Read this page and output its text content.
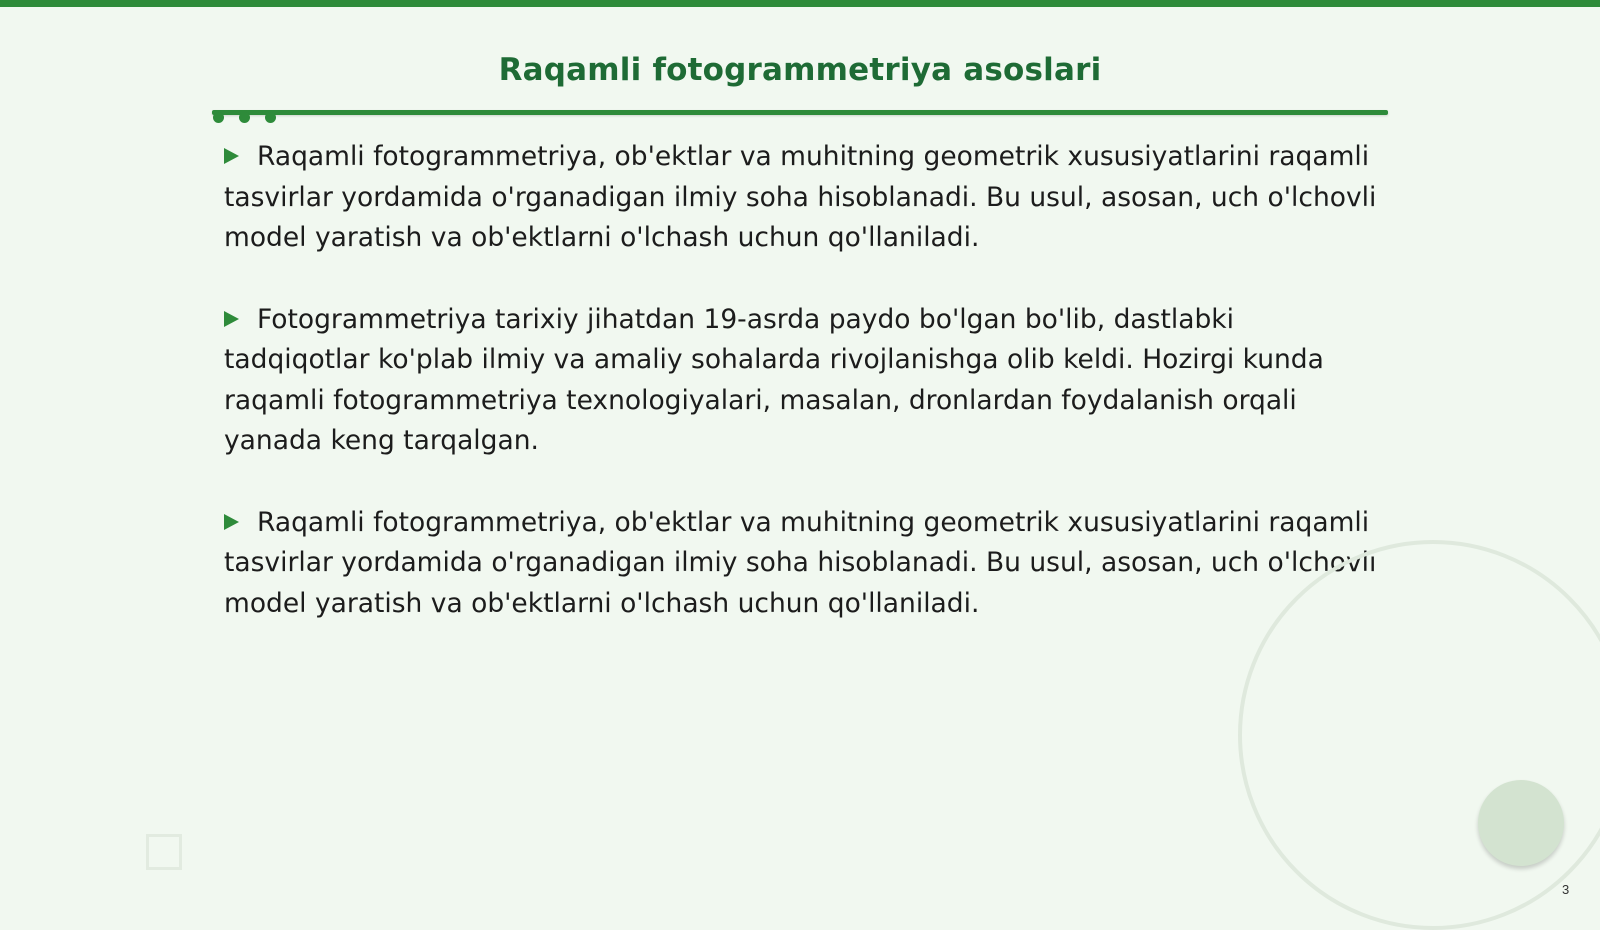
Raqamli fotogrammetriya asoslari

Raqamli fotogrammetriya, ob'ektlar va muhitning geometrik xususiyatlarini raqamli tasvirlar yordamida o'rganadigan ilmiy soha hisoblanadi. Bu usul, asosan, uch o'lchovli model yaratish va ob'ektlarni o'lchash uchun qo'llaniladi.

Fotogrammetriya tarixiy jihatdan 19-asrda paydo bo'lgan bo'lib, dastlabki tadqiqotlar ko'plab ilmiy va amaliy sohalarda rivojlanishga olib keldi. Hozirgi kunda raqamli fotogrammetriya texnologiyalari, masalan, dronlardan foydalanish orqali yanada keng tarqalgan.

Raqamli fotogrammetriya, ob'ektlar va muhitning geometrik xususiyatlarini raqamli tasvirlar yordamida o'rganadigan ilmiy soha hisoblanadi. Bu usul, asosan, uch o'lchovli model yaratish va ob'ektlarni o'lchash uchun qo'llaniladi.

3
